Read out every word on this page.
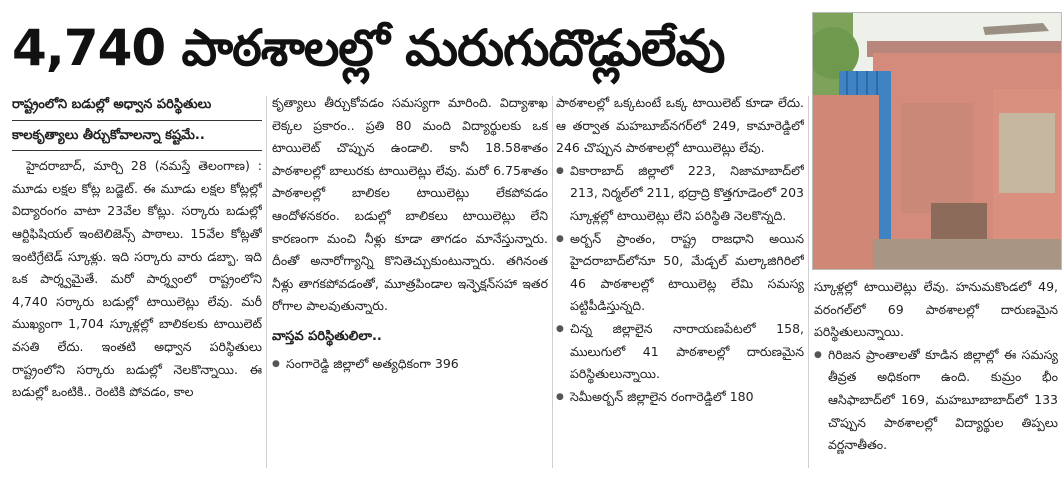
4,740 పాఠశాలల్లో మరుగుదొడ్లులేవు
రాష్ట్రంలోని బడుల్లో అధ్వాన పరిస్థితులు
కాలకృత్యాలు తీర్చుకోవాలన్నా కష్టమే..

హైదరాబాద్, మార్చి 28 (నమస్తే తెలంగాణ) : మూడు లక్షల కోట్ల బడ్జెట్. ఈ మూడు లక్షల కోట్లల్లో విద్యారంగం వాటా 23వేల కోట్లు. సర్కారు బడుల్లో ఆర్టిఫిషియల్ ఇంటెలిజెన్స్ పాఠాలు. 15వేల కోట్లతో ఇంటిగ్రేటెడ్ స్కూళ్లు. ఇది సర్కారు వారు డబ్బా. ఇది ఒక పార్శ్వమైతే. మరో పార్శ్వంలో రాష్ట్రంలోని 4,740 సర్కారు బడుల్లో టాయిలెట్లు లేవు. మరీ ముఖ్యంగా 1,704 స్కూళ్లల్లో బాలికలకు టాయిలెట్ వసతి లేదు. ఇంతటి అధ్వాన పరిస్థితులు రాష్ట్రంలోని సర్కారు బడుల్లో నెలకొన్నాయి. ఈ బడుల్లో ఒంటికి.. రెంటికి పోవడం, కాల

కృత్యాలు తీర్చుకోవడం సమస్యగా మారింది. విద్యాశాఖ లెక్కల ప్రకారం.. ప్రతి 80 మంది విద్యార్థులకు ఒక టాయిలెట్ చొప్పున ఉండాలి. కానీ 18.58శాతం పాఠశాలల్లో బాలురకు టాయిలెట్లు లేవు. మరో 6.75శాతం పాఠశాలల్లో బాలికల టాయిలెట్లు లేకపోవడం ఆందోళనకరం. బడుల్లో బాలికలు టాయిలెట్లు లేని కారణంగా మంచి నీళ్లు కూడా తాగడం మానేస్తున్నారు. దీంతో అనారోగ్యాన్ని కొనితెచ్చుకుంటున్నారు. తగినంత నీళ్లు తాగకపోవడంతో, మూత్రపిండాల ఇన్ఫెక్షన్‌సహా ఇతర రోగాల పాలవుతున్నారు.

వాస్తవ పరిస్థితులిలా..

● సంగారెడ్డి జిల్లాలో అత్యధికంగా 396

పాఠశాలల్లో ఒక్కటంటే ఒక్క టాయిలెట్ కూడా లేదు. ఆ తర్వాత మహబూబ్‌నగర్‌లో 249, కామారెడ్డిలో 246 చొప్పున పాఠశాలల్లో టాయిలెట్లు లేవు.

● వికారాబాద్ జిల్లాలో 223, నిజామాబాద్‌లో 213, నిర్మల్‌లో 211, భద్రాద్రి కొత్తగూడెంలో 203 స్కూళ్లల్లో టాయిలెట్లు లేని పరిస్థితి నెలకొన్నది.

● అర్బన్ ప్రాంతం, రాష్ట్ర రాజధాని అయిన హైదరాబాద్‌లోనూ 50, మేడ్చల్ మల్కాజిగిరిలో 46 పాఠశాలల్లో టాయిలెట్ల లేమి సమస్య పట్టిపీడిస్తున్నది.

● చిన్న జిల్లాలైన నారాయణపేటలో 158, ములుగులో 41 పాఠశాలల్లో దారుణమైన పరిస్థితులున్నాయి.

● సెమీఅర్బన్ జిల్లాలైన రంగారెడ్డిలో 180

స్కూళ్లల్లో టాయిలెట్లు లేవు. హనుమకొండలో 49, వరంగల్‌లో 69 పాఠశాలల్లో దారుణమైన పరిస్థితులున్నాయి.

● గిరిజన ప్రాంతాలతో కూడిన జిల్లాల్లో ఈ సమస్య తీవ్రత అధికంగా ఉంది. కుమ్రం భీం ఆసిఫాబాద్‌లో 169, మహబూబాబాద్‌లో 133 చొప్పున పాఠశాలల్లో విద్యార్థుల తిప్పలు వర్ణనాతీతం.
